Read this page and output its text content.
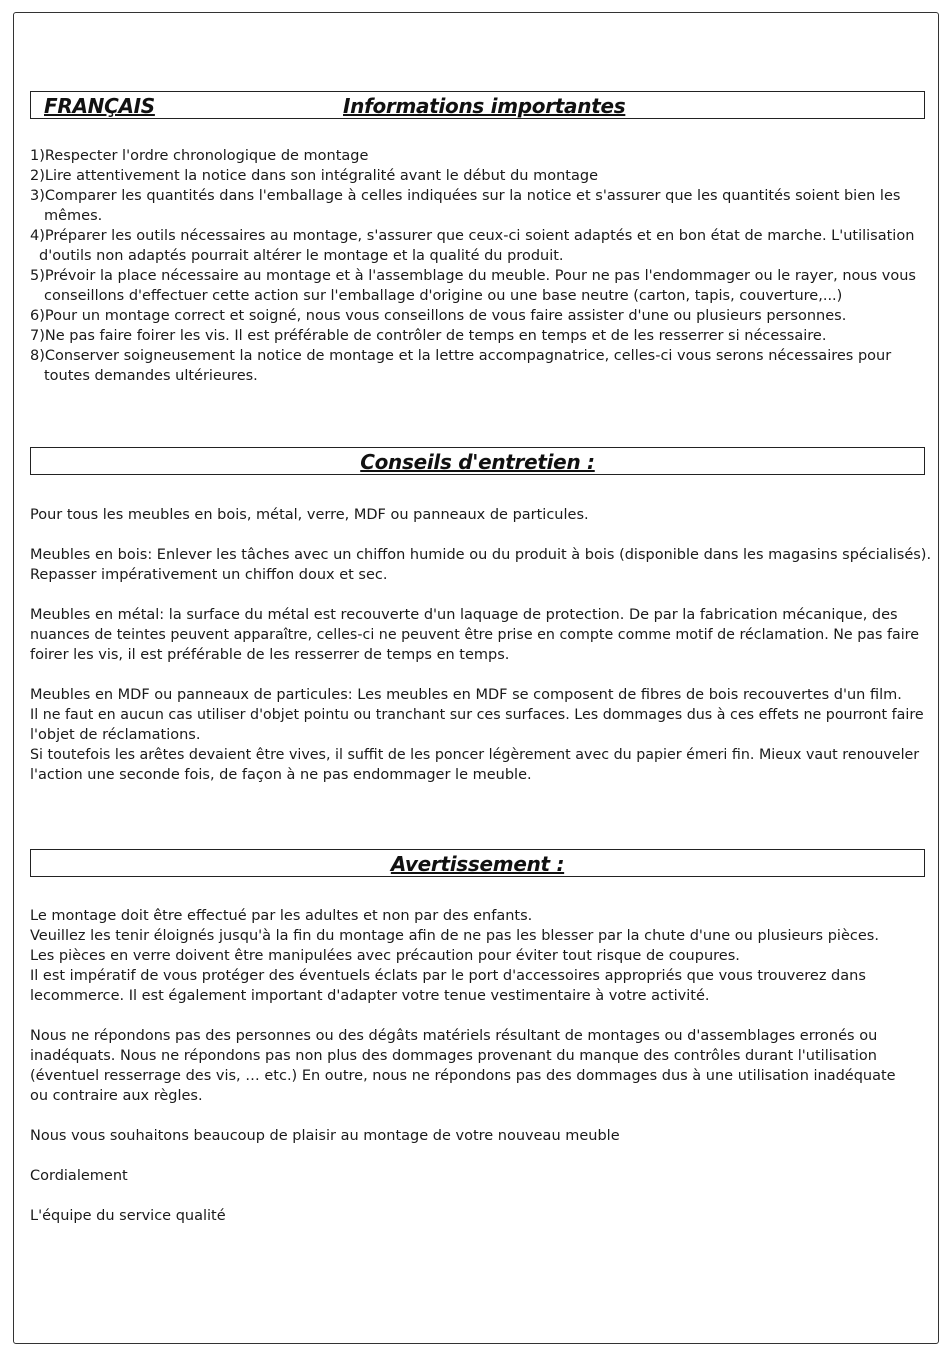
FRANÇAIS	Informations importantes
1)Respecter l'ordre chronologique de montage
2)Lire attentivement la notice dans son intégralité avant le début du montage
3)Comparer les quantités dans l'emballage à celles indiquées sur la notice et s'assurer que les quantités soient bien les
mêmes.
4)Préparer les outils nécessaires au montage, s'assurer que ceux-ci soient adaptés et en bon état de marche. L'utilisation
d'outils non adaptés pourrait altérer le montage et la qualité du produit.
5)Prévoir la place nécessaire au montage et à l'assemblage du meuble. Pour ne pas l'endommager ou le rayer, nous vous
conseillons d'effectuer cette action sur l'emballage d'origine ou une base neutre (carton, tapis, couverture,...)
6)Pour un montage correct et soigné, nous vous conseillons de vous faire assister d'une ou plusieurs personnes.
7)Ne pas faire foirer les vis. Il est préférable de contrôler de temps en temps et de les resserrer si nécessaire.
8)Conserver soigneusement la notice de montage et la lettre accompagnatrice, celles-ci vous serons nécessaires pour
toutes demandes ultérieures.
Conseils d'entretien :
Pour tous les meubles en bois, métal, verre, MDF ou panneaux de particules.
Meubles en bois: Enlever les tâches avec un chiffon humide ou du produit à bois (disponible dans les magasins spécialisés).
Repasser impérativement un chiffon doux et sec.
Meubles en métal: la surface du métal est recouverte d'un laquage de protection. De par la fabrication mécanique, des
nuances de teintes peuvent apparaître, celles-ci ne peuvent être prise en compte comme motif de réclamation. Ne pas faire
foirer les vis, il est préférable de les resserrer de temps en temps.
Meubles en MDF ou panneaux de particules: Les meubles en MDF se composent de fibres de bois recouvertes d'un film.
Il ne faut en aucun cas utiliser d'objet pointu ou tranchant sur ces surfaces. Les dommages dus à ces effets ne pourront faire
l'objet de réclamations.
Si toutefois les arêtes devaient être vives, il suffit de les poncer légèrement avec du papier émeri fin. Mieux vaut renouveler
l'action une seconde fois, de façon à ne pas endommager le meuble.
Avertissement :
Le montage doit être effectué par les adultes et non par des enfants.
Veuillez les tenir éloignés jusqu'à la fin du montage afin de ne pas les blesser par la chute d'une ou plusieurs pièces.
Les pièces en verre doivent être manipulées avec précaution pour éviter tout risque de coupures.
Il est impératif de vous protéger des éventuels éclats par le port d'accessoires appropriés que vous trouverez dans
lecommerce. Il est également important d'adapter votre tenue vestimentaire à votre activité.
Nous ne répondons pas des personnes ou des dégâts matériels résultant de montages ou d'assemblages erronés ou
inadéquats. Nous ne répondons pas non plus des dommages provenant du manque des contrôles durant l'utilisation
(éventuel resserrage des vis, … etc.) En outre, nous ne répondons pas des dommages dus à une utilisation inadéquate
ou contraire aux règles.
Nous vous souhaitons beaucoup de plaisir au montage de votre nouveau meuble
Cordialement
L'équipe du service qualité
